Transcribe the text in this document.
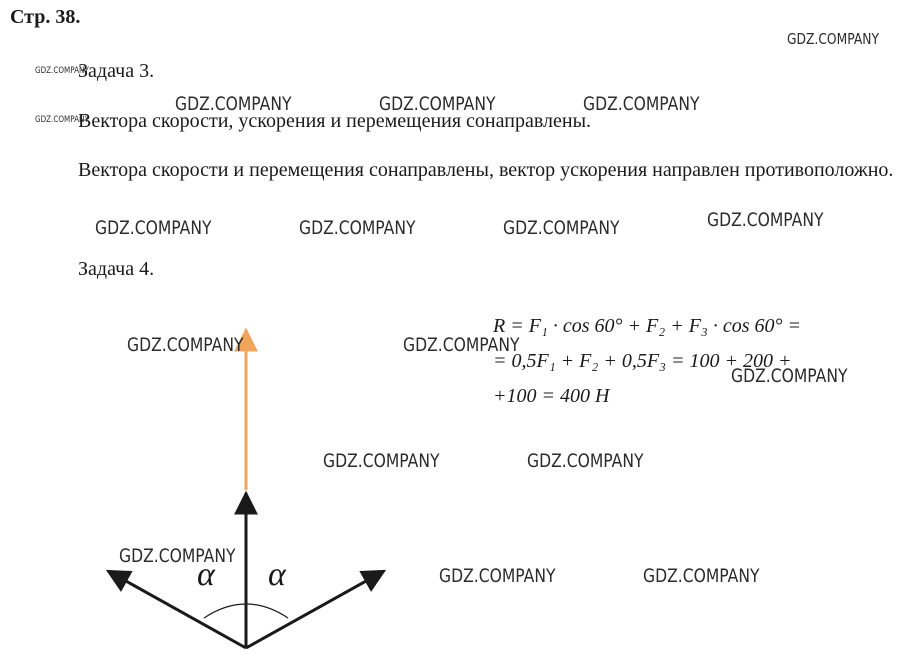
Стр. 38.
Задача 3.
Вектора скорости, ускорения и перемещения сонаправлены.
Вектора скорости и перемещения сонаправлены, вектор ускорения направлен противоположно.
Задача 4.
R = F₁ · cos 60° + F₂ + F₃ · cos 60° =
= 0,5F₁ + F₂ + 0,5F₃ = 100 + 200 +
+100 = 400 Н
α α
GDZ.COMPANY
GDZ.COMPANY
GDZ.COMPANY
GDZ.COMPANY	GDZ.COMPANY	GDZ.COMPANY
GDZ.COMPANY	GDZ.COMPANY	GDZ.COMPANY	GDZ.COMPANY
GDZ.COMPANY	GDZ.COMPANY
GDZ.COMPANY
GDZ.COMPANY	GDZ.COMPANY
GDZ.COMPANY
GDZ.COMPANY	GDZ.COMPANY
